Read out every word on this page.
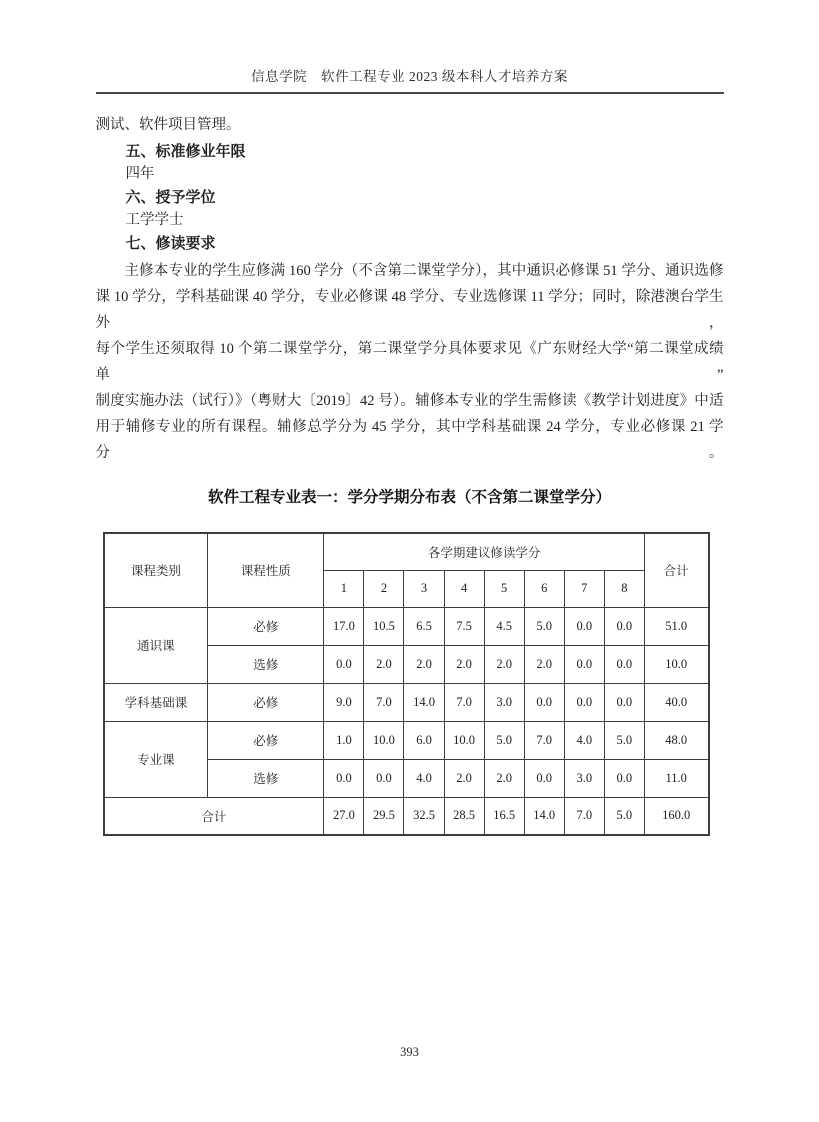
信息学院　软件工程专业 2023 级本科人才培养方案
测试、软件项目管理。
五、标准修业年限
四年
六、授予学位
工学学士
七、修读要求
主修本专业的学生应修满 160 学分（不含第二课堂学分），其中通识必修课 51 学分、通识选修
课 10 学分，学科基础课 40 学分，专业必修课 48 学分、专业选修课 11 学分；同时，除港澳台学生外，
每个学生还须取得 10 个第二课堂学分，第二课堂学分具体要求见《广东财经大学“第二课堂成绩单”
制度实施办法（试行）》（粤财大〔2019〕42 号）。辅修本专业的学生需修读《教学计划进度》中适
用于辅修专业的所有课程。辅修总学分为 45 学分，其中学科基础课 24 学分，专业必修课 21 学分。
软件工程专业表一：学分学期分布表（不含第二课堂学分）
课程类别	课程性质	各学期建议修读学分								合计
		1	2	3	4	5	6	7	8	
通识课	必修	17.0	10.5	6.5	7.5	4.5	5.0	0.0	0.0	51.0
	选修	0.0	2.0	2.0	2.0	2.0	2.0	0.0	0.0	10.0
学科基础课	必修	9.0	7.0	14.0	7.0	3.0	0.0	0.0	0.0	40.0
专业课	必修	1.0	10.0	6.0	10.0	5.0	7.0	4.0	5.0	48.0
	选修	0.0	0.0	4.0	2.0	2.0	0.0	3.0	0.0	11.0
合计		27.0	29.5	32.5	28.5	16.5	14.0	7.0	5.0	160.0
393
